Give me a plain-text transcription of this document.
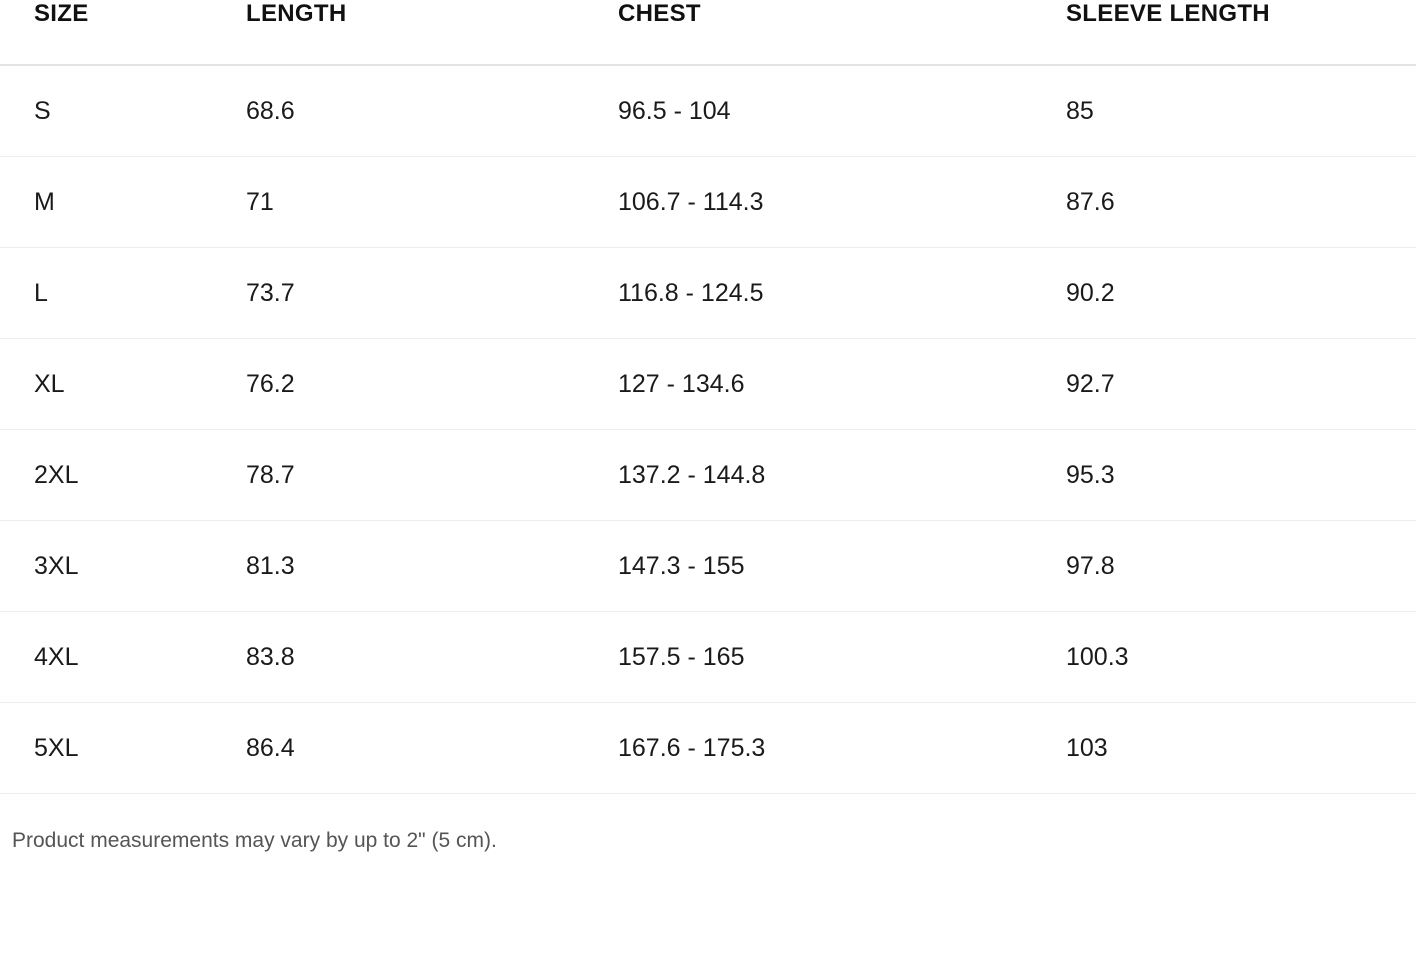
SIZE	LENGTH	CHEST	SLEEVE LENGTH
S	68.6	96.5 - 104	85
M	71	106.7 - 114.3	87.6
L	73.7	116.8 - 124.5	90.2
XL	76.2	127 - 134.6	92.7
2XL	78.7	137.2 - 144.8	95.3
3XL	81.3	147.3 - 155	97.8
4XL	83.8	157.5 - 165	100.3
5XL	86.4	167.6 - 175.3	103
Product measurements may vary by up to 2" (5 cm).
